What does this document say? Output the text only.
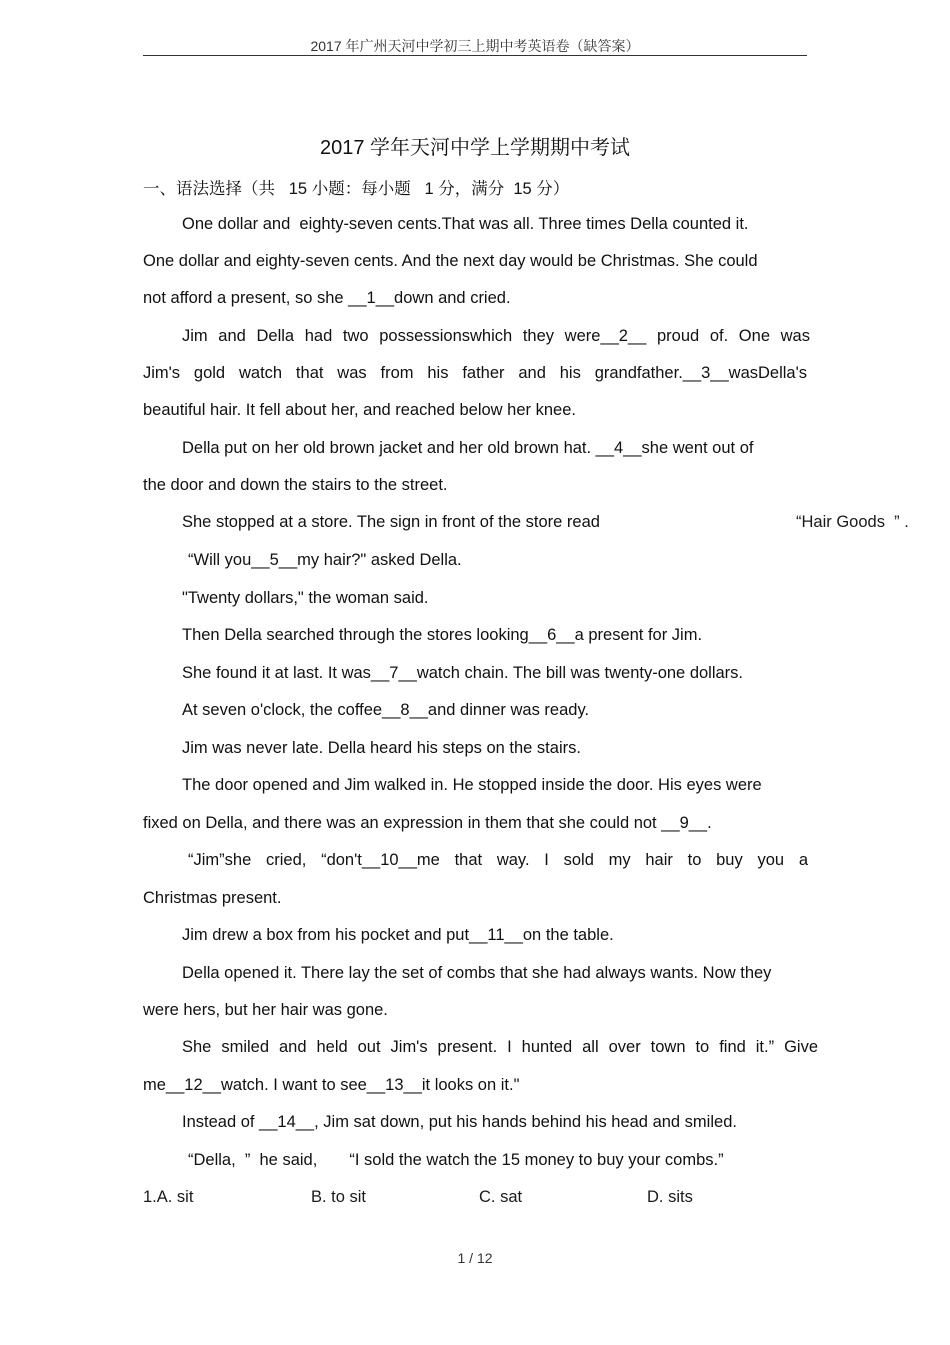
2017 年广州天河中学初三上期中考英语卷（缺答案）
2017 学年天河中学上学期期中考试
一、语法选择（共   15 小题：每小题   1 分，满分  15 分）
One dollar and  eighty-seven cents.That was all. Three times Della counted it.
One dollar and eighty-seven cents. And the next day would be Christmas. She could
not afford a present, so she __1__down and cried.
Jim and Della had two possessionswhich they were__2__ proud of. One was
Jim's gold watch that was from his father and his grandfather.__3__wasDella's
beautiful hair. It fell about her, and reached below her knee.
Della put on her old brown jacket and her old brown hat. __4__she went out of
the door and down the stairs to the street.
She stopped at a store. The sign in front of the store read	“Hair Goods  ” .
“Will you__5__my hair?" asked Della.
"Twenty dollars," the woman said.
Then Della searched through the stores looking__6__a present for Jim.
She found it at last. It was__7__watch chain. The bill was twenty-one dollars.
At seven o'clock, the coffee__8__and dinner was ready.
Jim was never late. Della heard his steps on the stairs.
The door opened and Jim walked in. He stopped inside the door. His eyes were
fixed on Della, and there was an expression in them that she could not __9__.
“Jim”she cried, “don't__10__me that way. I sold my hair to buy you a
Christmas present.
Jim drew a box from his pocket and put__11__on the table.
Della opened it. There lay the set of combs that she had always wants. Now they
were hers, but her hair was gone.
She smiled and held out Jim's present. I hunted all over town to find it.” Give
me__12__watch. I want to see__13__it looks on it."
Instead of __14__, Jim sat down, put his hands behind his head and smiled.
“Della,  ”  he said,       “I sold the watch the 15 money to buy your combs.”
1.A. sit	B. to sit	C. sat	D. sits
1 / 12
